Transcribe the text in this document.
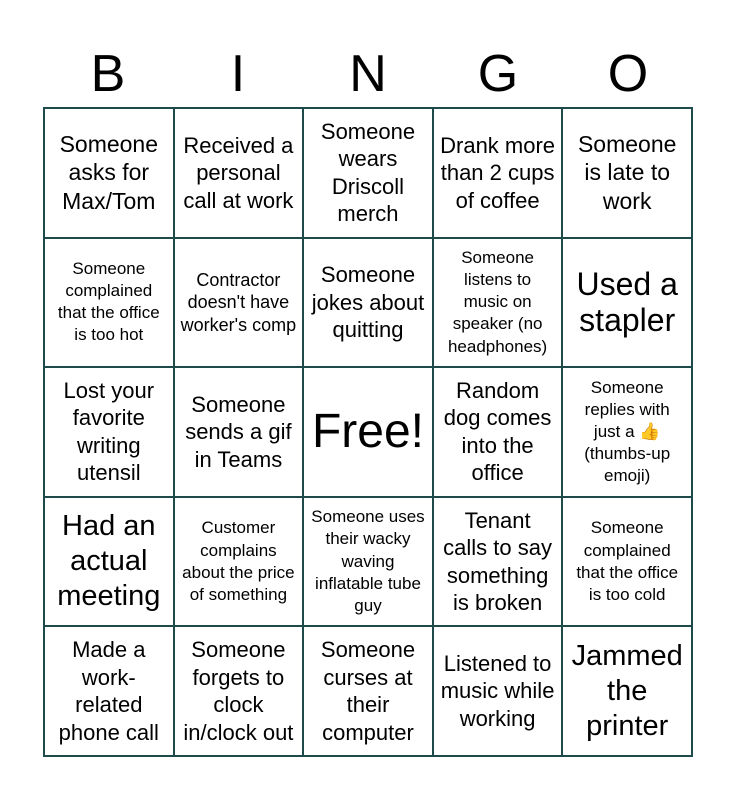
B	I	N	G	O
Someone asks for Max/Tom
Received a personal call at work
Someone wears Driscoll merch
Drank more than 2 cups of coffee
Someone is late to work
Someone complained that the office is too hot
Contractor doesn't have worker's comp
Someone jokes about quitting
Someone listens to music on speaker (no headphones)
Used a stapler
Lost your favorite writing utensil
Someone sends a gif in Teams
Free!
Random dog comes into the office
Someone replies with just a 👍 (thumbs-up emoji)
Had an actual meeting
Customer complains about the price of something
Someone uses their wacky waving inflatable tube guy
Tenant calls to say something is broken
Someone complained that the office is too cold
Made a work-related phone call
Someone forgets to clock in/clock out
Someone curses at their computer
Listened to music while working
Jammed the printer
